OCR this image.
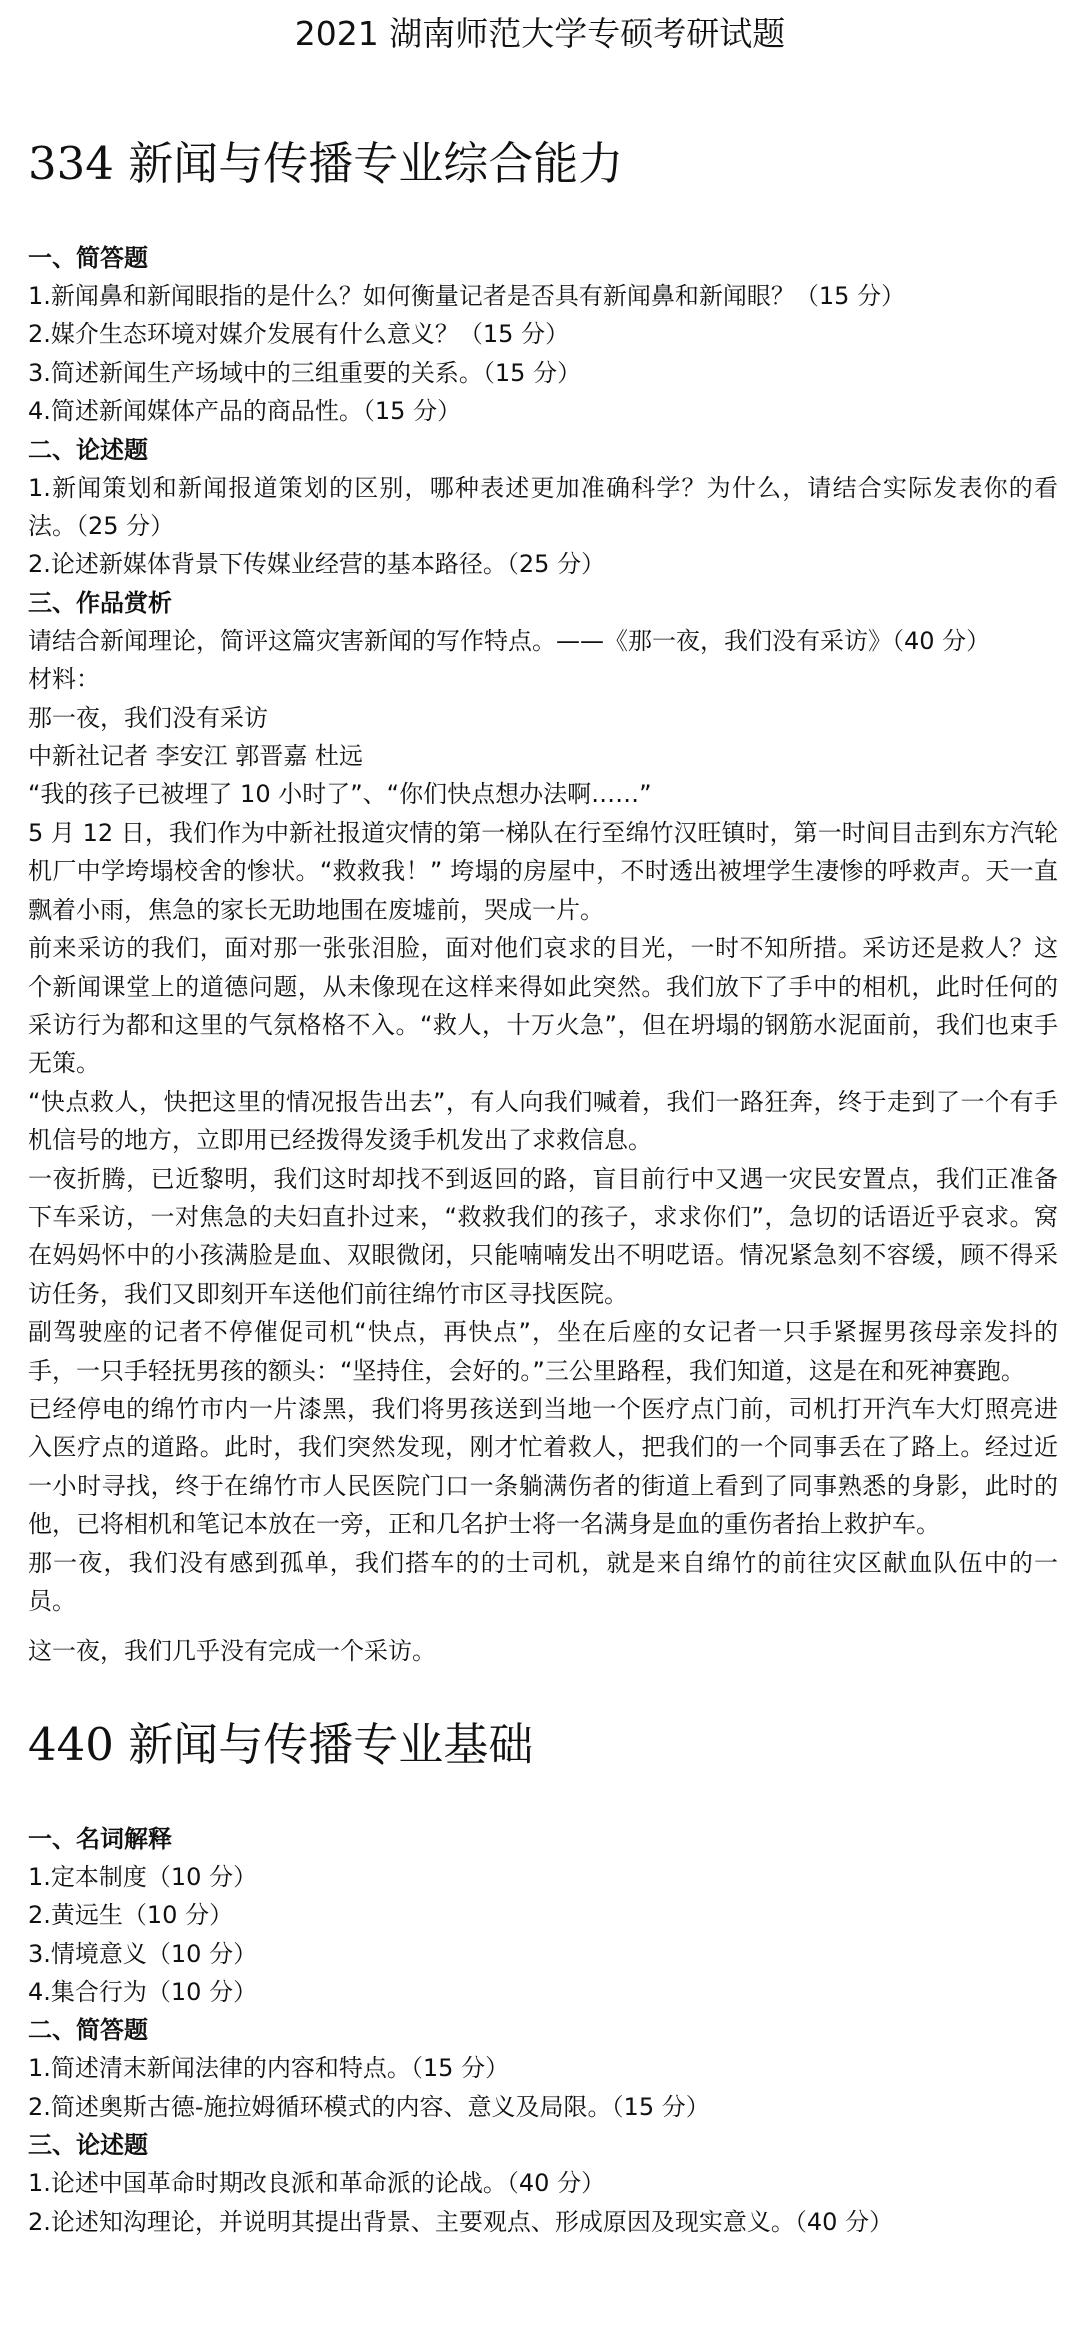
2021 湖南师范大学专硕考研试题
334 新闻与传播专业综合能力
一、简答题
1.新闻鼻和新闻眼指的是什么？如何衡量记者是否具有新闻鼻和新闻眼？（15 分）
2.媒介生态环境对媒介发展有什么意义？（15 分）
3.简述新闻生产场域中的三组重要的关系。（15 分）
4.简述新闻媒体产品的商品性。（15 分）
二、论述题
1.新闻策划和新闻报道策划的区别，哪种表述更加准确科学？为什么，请结合实际发表你的看法。（25 分）
2.论述新媒体背景下传媒业经营的基本路径。（25 分）
三、作品赏析
请结合新闻理论，简评这篇灾害新闻的写作特点。——《那一夜，我们没有采访》（40 分）
材料：
那一夜，我们没有采访
中新社记者 李安江 郭晋嘉 杜远
“我的孩子已被埋了 10 小时了”、“你们快点想办法啊……”
5 月 12 日，我们作为中新社报道灾情的第一梯队在行至绵竹汉旺镇时，第一时间目击到东方汽轮机厂中学垮塌校舍的惨状。“救救我！” 垮塌的房屋中，不时透出被埋学生凄惨的呼救声。天一直飘着小雨，焦急的家长无助地围在废墟前，哭成一片。
前来采访的我们，面对那一张张泪脸，面对他们哀求的目光，一时不知所措。采访还是救人？这个新闻课堂上的道德问题，从未像现在这样来得如此突然。我们放下了手中的相机，此时任何的采访行为都和这里的气氛格格不入。“救人，十万火急”，但在坍塌的钢筋水泥面前，我们也束手无策。
“快点救人，快把这里的情况报告出去”，有人向我们喊着，我们一路狂奔，终于走到了一个有手机信号的地方，立即用已经拨得发烫手机发出了求救信息。
一夜折腾，已近黎明，我们这时却找不到返回的路，盲目前行中又遇一灾民安置点，我们正准备下车采访，一对焦急的夫妇直扑过来，“救救我们的孩子，求求你们”，急切的话语近乎哀求。窝在妈妈怀中的小孩满脸是血、双眼微闭，只能喃喃发出不明呓语。情况紧急刻不容缓，顾不得采访任务，我们又即刻开车送他们前往绵竹市区寻找医院。
副驾驶座的记者不停催促司机“快点，再快点”，坐在后座的女记者一只手紧握男孩母亲发抖的手，一只手轻抚男孩的额头：“坚持住，会好的。”三公里路程，我们知道，这是在和死神赛跑。
已经停电的绵竹市内一片漆黑，我们将男孩送到当地一个医疗点门前，司机打开汽车大灯照亮进入医疗点的道路。此时，我们突然发现，刚才忙着救人，把我们的一个同事丢在了路上。经过近一小时寻找，终于在绵竹市人民医院门口一条躺满伤者的街道上看到了同事熟悉的身影，此时的他，已将相机和笔记本放在一旁，正和几名护士将一名满身是血的重伤者抬上救护车。
那一夜，我们没有感到孤单，我们搭车的的士司机，就是来自绵竹的前往灾区献血队伍中的一员。
这一夜，我们几乎没有完成一个采访。
440 新闻与传播专业基础
一、名词解释
1.定本制度（10 分）
2.黄远生（10 分）
3.情境意义（10 分）
4.集合行为（10 分）
二、简答题
1.简述清末新闻法律的内容和特点。（15 分）
2.简述奥斯古德-施拉姆循环模式的内容、意义及局限。（15 分）
三、论述题
1.论述中国革命时期改良派和革命派的论战。（40 分）
2.论述知沟理论，并说明其提出背景、主要观点、形成原因及现实意义。（40 分）
